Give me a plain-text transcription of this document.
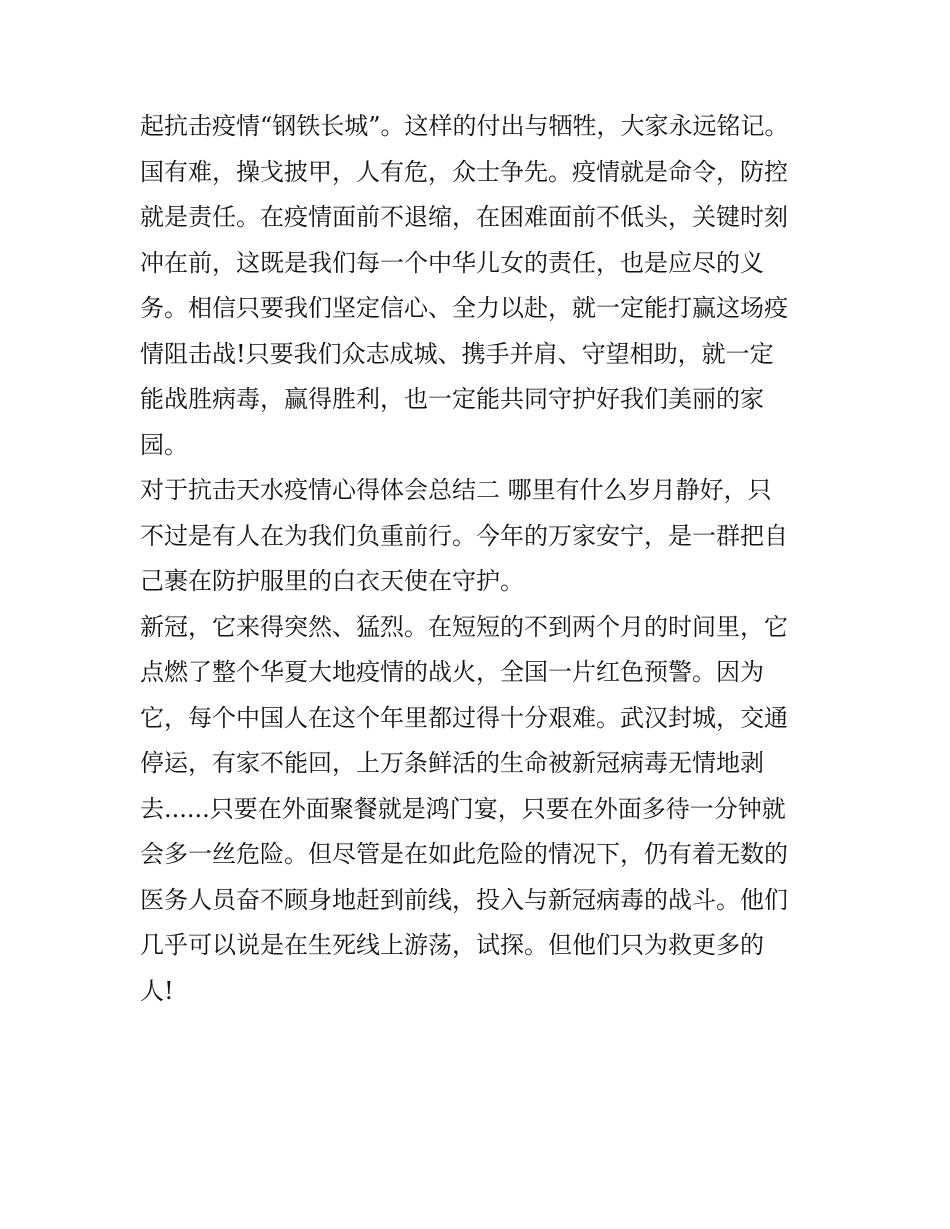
起抗击疫情“钢铁长城”。这样的付出与牺牲，大家永远铭记。
国有难，操戈披甲，人有危，众士争先。疫情就是命令，防控
就是责任。在疫情面前不退缩，在困难面前不低头，关键时刻
冲在前，这既是我们每一个中华儿女的责任，也是应尽的义
务。相信只要我们坚定信心、全力以赴，就一定能打赢这场疫
情阻击战!只要我们众志成城、携手并肩、守望相助，就一定
能战胜病毒，赢得胜利，也一定能共同守护好我们美丽的家
园。
对于抗击天水疫情心得体会总结二 哪里有什么岁月静好，只
不过是有人在为我们负重前行。今年的万家安宁，是一群把自
己裹在防护服里的白衣天使在守护。
新冠，它来得突然、猛烈。在短短的不到两个月的时间里，它
点燃了整个华夏大地疫情的战火，全国一片红色预警。因为
它，每个中国人在这个年里都过得十分艰难。武汉封城，交通
停运，有家不能回，上万条鲜活的生命被新冠病毒无情地剥
去......只要在外面聚餐就是鸿门宴，只要在外面多待一分钟就
会多一丝危险。但尽管是在如此危险的情况下，仍有着无数的
医务人员奋不顾身地赶到前线，投入与新冠病毒的战斗。他们
几乎可以说是在生死线上游荡，试探。但他们只为救更多的
人!
